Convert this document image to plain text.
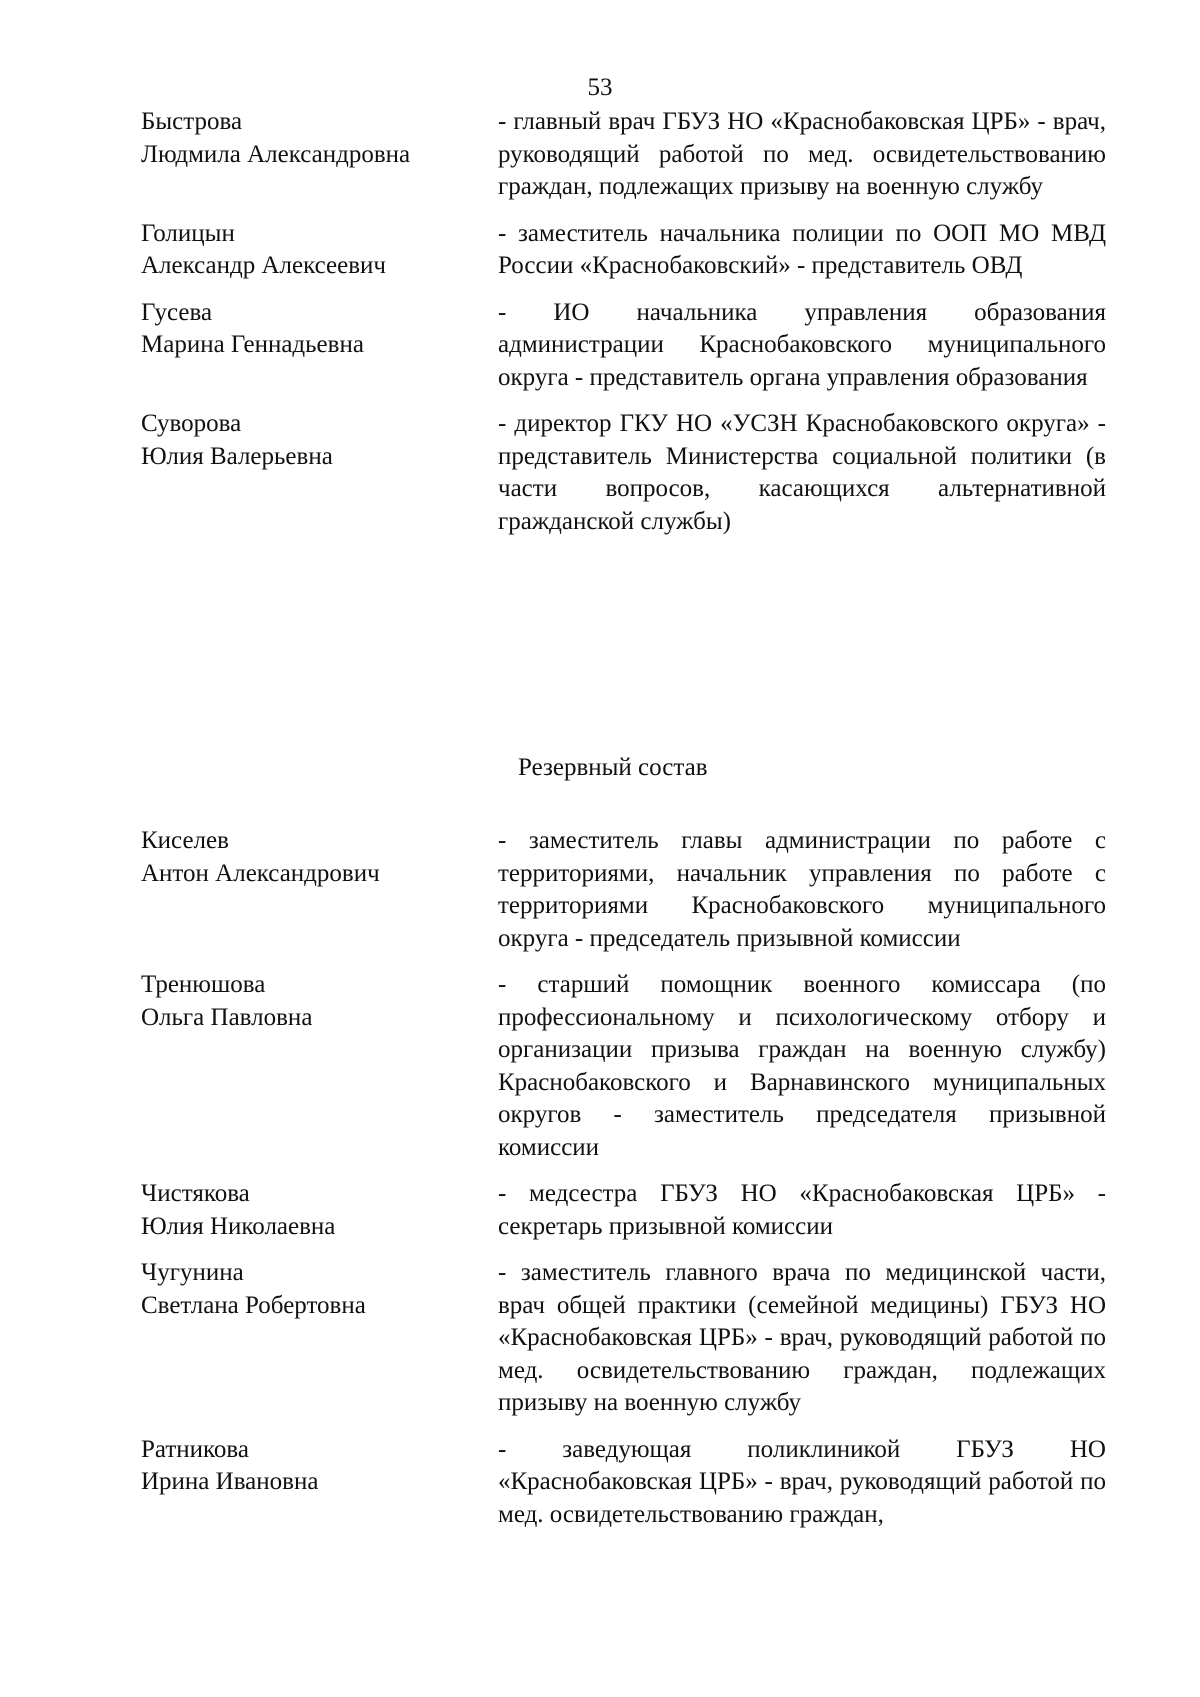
53
Быстрова
Людмила Александровна
- главный врач ГБУЗ НО «Краснобаковская ЦРБ» - врач, руководящий работой по мед. освидетельствованию граждан, подлежащих призыву на военную службу
Голицын
Александр Алексеевич
- заместитель начальника полиции по ООП МО МВД России «Краснобаковский» - представитель ОВД
Гусева
Марина Геннадьевна
- ИО начальника управления образования администрации Краснобаковского муниципального округа - представитель органа управления образования
Суворова
Юлия Валерьевна
- директор ГКУ НО «УСЗН Краснобаковского округа» - представитель Министерства социальной политики (в части вопросов, касающихся альтернативной гражданской службы)
Резервный состав
Киселев
Антон Александрович
- заместитель главы администрации по работе с территориями, начальник управления по работе с территориями Краснобаковского муниципального округа - председатель призывной комиссии
Тренюшова
Ольга Павловна
- старший помощник военного комиссара (по профессиональному и психологическому отбору и организации призыва граждан на военную службу) Краснобаковского и Варнавинского муниципальных округов - заместитель председателя призывной комиссии
Чистякова
Юлия Николаевна
- медсестра ГБУЗ НО «Краснобаковская ЦРБ» - секретарь призывной комиссии
Чугунина
Светлана Робертовна
- заместитель главного врача по медицинской части, врач общей практики (семейной медицины) ГБУЗ НО «Краснобаковская ЦРБ» - врач, руководящий работой по мед. освидетельствованию граждан, подлежащих призыву на военную службу
Ратникова
Ирина Ивановна
- заведующая поликлиникой ГБУЗ НО «Краснобаковская ЦРБ» - врач, руководящий работой по мед. освидетельствованию граждан,
